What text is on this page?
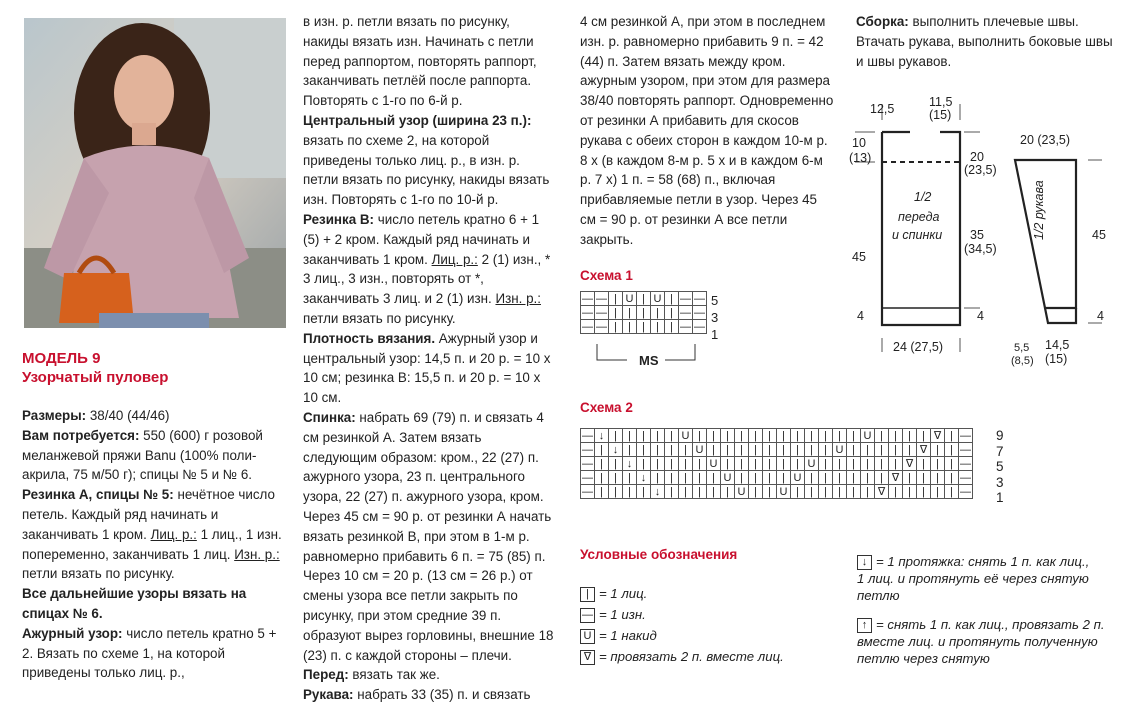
МОДЕЛЬ 9

Узорчатый пуловер

Размеры: 38/40 (44/46)

Вам потребуется: 550 (600) г розовой меланжевой пряжи Banu (100% поли-акрила, 75 м/50 г); спицы № 5 и № 6.

Резинка А, спицы № 5: нечётное число петель. Каждый ряд начинать и заканчивать 1 кром. Лиц. р.: 1 лиц., 1 изн. попеременно, заканчивать 1 лиц. Изн. р.: петли вязать по рисунку.

Все дальнейшие узоры вязать на спицах № 6.

Ажурный узор: число петель кратно 5 + 2. Вязать по схеме 1, на которой приведены только лиц. р.,

в изн. р. петли вязать по рисунку, накиды вязать изн. Начинать с петли перед раппортом, повторять раппорт, заканчивать петлёй после раппорта. Повторять с 1-го по 6-й р.

Центральный узор (ширина 23 п.): вязать по схеме 2, на которой приведены только лиц. р., в изн. р. петли вязать по рисунку, накиды вязать изн. Повторять с 1-го по 10-й р.

Резинка В: число петель кратно 6 + 1 (5) + 2 кром. Каждый ряд начинать и заканчивать 1 кром. Лиц. р.: 2 (1) изн., * 3 лиц., 3 изн., повторять от *, заканчивать 3 лиц. и 2 (1) изн. Изн. р.: петли вязать по рисунку.

Плотность вязания. Ажурный узор и центральный узор: 14,5 п. и 20 р. = 10 х 10 см; резинка В: 15,5 п. и 20 р. = 10 х 10 см.

Спинка: набрать 69 (79) п. и связать 4 см резинкой А. Затем вязать следующим образом: кром., 22 (27) п. ажурного узора, 23 п. центрального узора, 22 (27) п. ажурного узора, кром. Через 45 см = 90 р. от резинки А начать вязать резинкой В, при этом в 1-м р. равномерно прибавить 6 п. = 75 (85) п. Через 10 см = 20 р. (13 см = 26 р.) от смены узора все петли закрыть по рисунку, при этом средние 39 п. образуют вырез горловины, внешние 18 (23) п. с каждой стороны – плечи.

Перед: вязать так же.

Рукава: набрать 33 (35) п. и связать

4 см резинкой А, при этом в последнем изн. р. равномерно прибавить 9 п. = 42 (44) п. Затем вязать между кром. ажурным узором, при этом для размера 38/40 повторять раппорт. Одновременно от резинки А прибавить для скосов рукава с обеих сторон в каждом 10-м р. 8 х (в каждом 8-м р. 5 х и в каждом 6-м р. 7 х) 1 п. = 58 (68) п., включая прибавляемые петли в узор. Через 45 см = 90 р. от резинки А все петли закрыть.

Схема 1
—	—	|	U	|	U	|	—	—
—	—	|	|	|	|	|	—	—
—	—	|	|	|	|	|	—	—
5
3
1
MS
Схема 2
—	↓	|	|	|	|	|	U	|	|	|	|	|	|	|	|	|	|	|	|	U	|	|	|	|	∇	|	—
—	|	↓	|	|	|	|	|	U	|	|	|	|	|	|	|	|	|	U	|	|	|	|	|	∇	|	|	—
—	|	|	↓	|	|	|	|	|	U	|	|	|	|	|	|	U	|	|	|	|	|	|	∇	|	|	|	—
—	|	|	|	↓	|	|	|	|	|	U	|	|	|	|	U	|	|	|	|	|	|	∇	|	|	|	|	—
—	|	|	|	|	↓	|	|	|	|	|	U	|	|	U	|	|	|	|	|	|	∇	|	|	|	|	|	—
9
7
5
3
1
Условные обозначения
| = 1 лиц.
— = 1 изн.
U = 1 накид
∇ = провязать 2 п. вместе лиц.

Сборка: выполнить плечевые швы. Втачать рукава, выполнить боковые швы и швы рукавов.

12,5	11,5
(15)
10
(13)	20
(23,5)
1/2
переда
и спинки 35
(34,5)
45
4	4
24 (27,5)
20 (23,5)
1/2 рукава	45
4
5,5
(8,5)
14,5
(15)
↓ = 1 протяжка: снять 1 п. как лиц., 1 лиц. и протянуть её через снятую петлю
↑ = снять 1 п. как лиц., провязать 2 п. вместе лиц. и протянуть полученную петлю через снятую
